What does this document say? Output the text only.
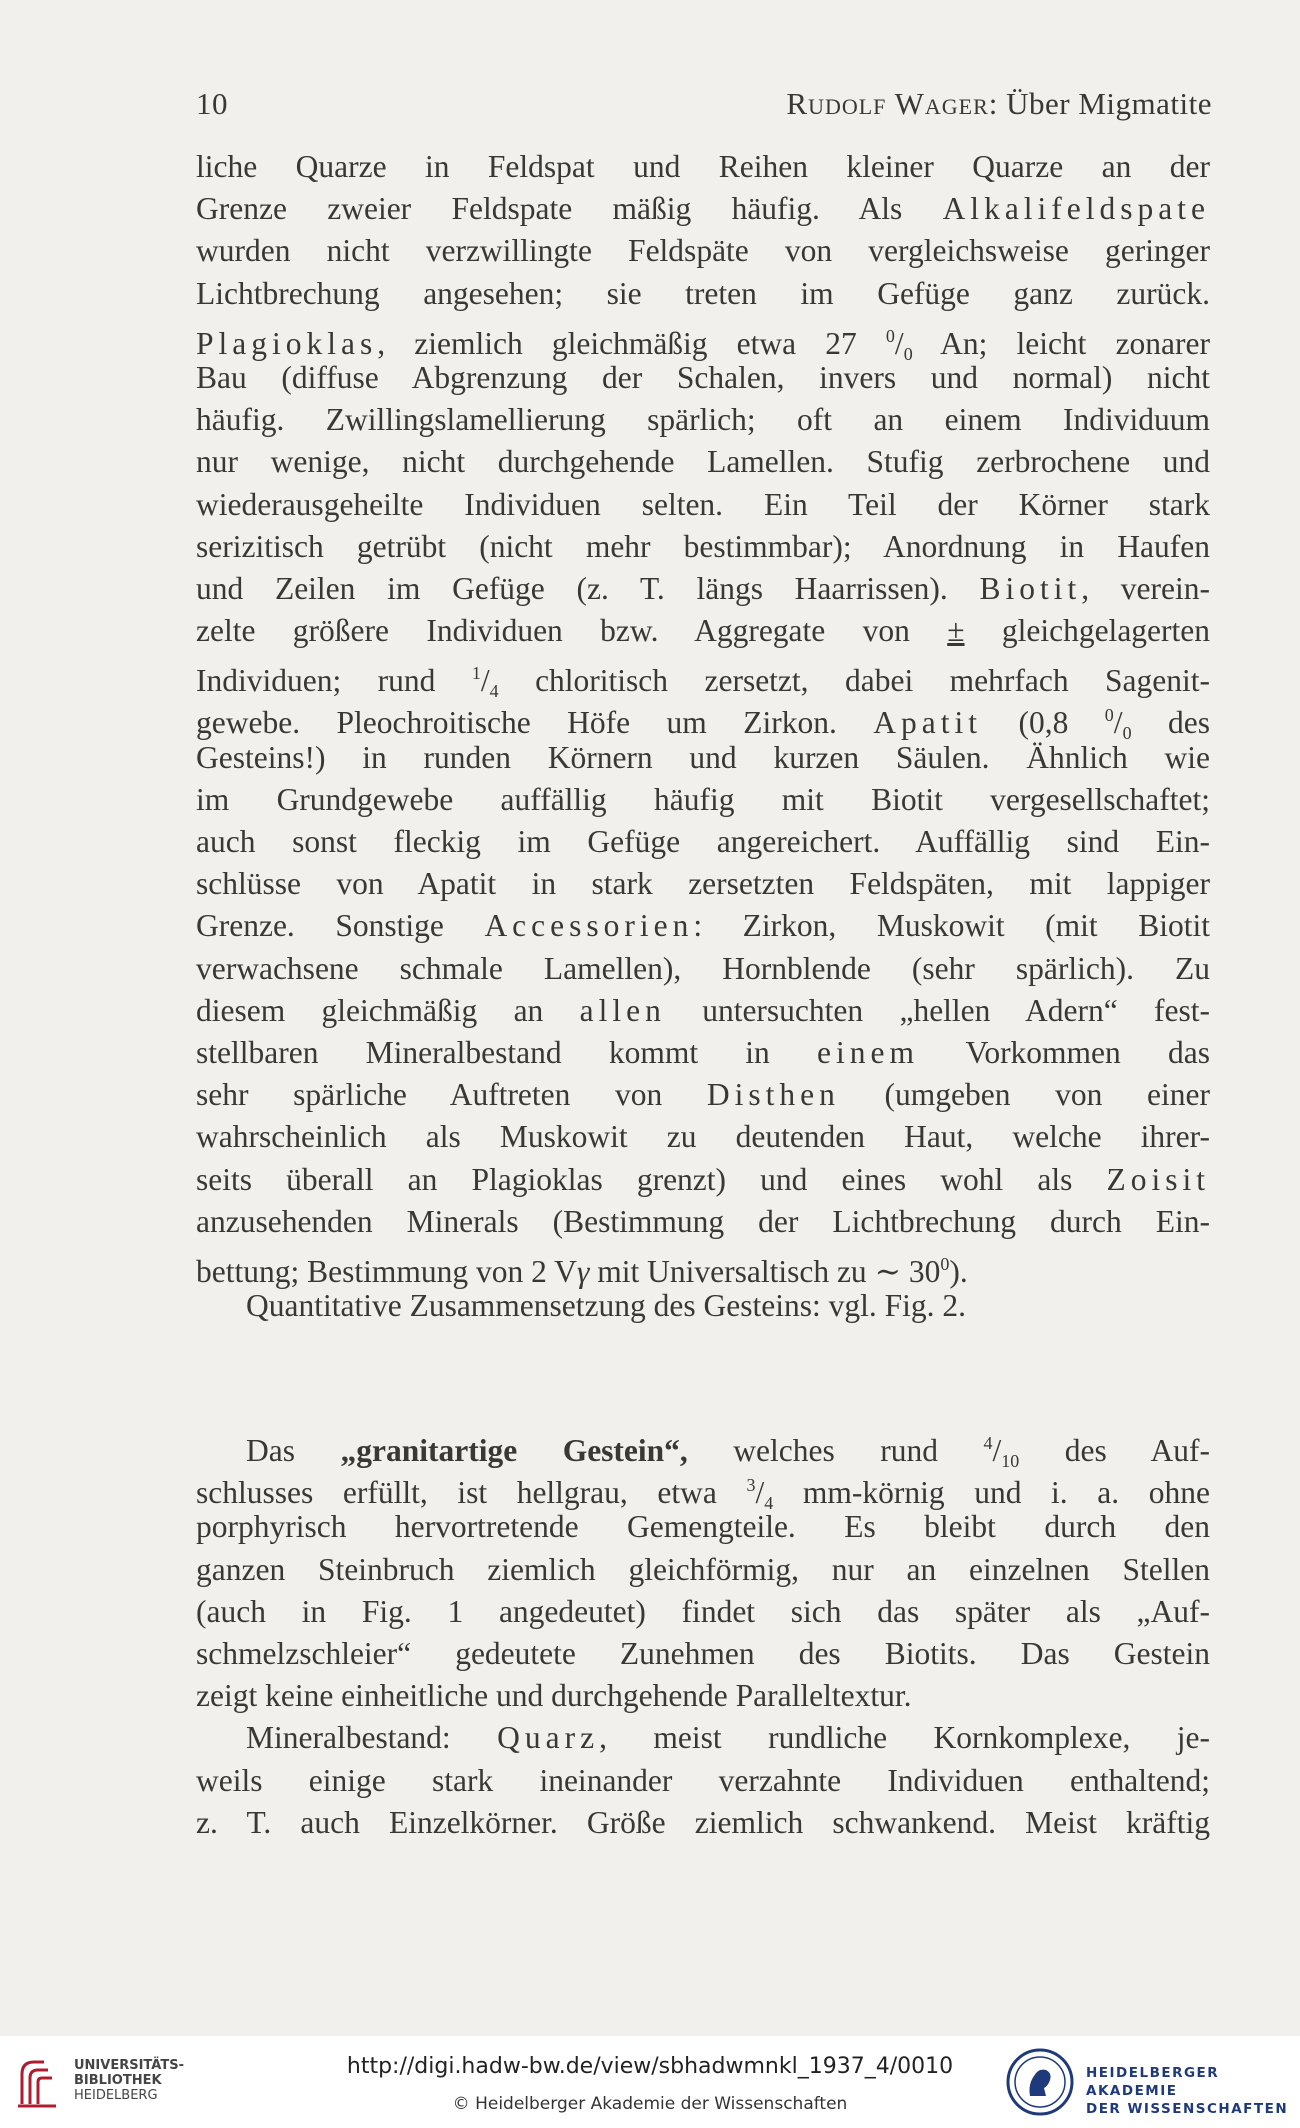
10	Rudolf Wager: Über Migmatite
liche Quarze in Feldspat und Reihen kleiner Quarze an der
Grenze zweier Feldspate mäßig häufig. Als Alkalifeldspate
wurden nicht verzwillingte Feldspäte von vergleichsweise geringer
Lichtbrechung angesehen; sie treten im Gefüge ganz zurück.
Plagioklas, ziemlich gleichmäßig etwa 27 $^0/_0$ An; leicht zonarer
Bau (diffuse Abgrenzung der Schalen, invers und normal) nicht
häufig. Zwillingslamellierung spärlich; oft an einem Individuum
nur wenige, nicht durchgehende Lamellen. Stufig zerbrochene und
wiederausgeheilte Individuen selten. Ein Teil der Körner stark
serizitisch getrübt (nicht mehr bestimmbar); Anordnung in Haufen
und Zeilen im Gefüge (z. T. längs Haarrissen). Biotit, verein-
zelte größere Individuen bzw. Aggregate von ± gleichgelagerten
Individuen; rund $^1/_4$ chloritisch zersetzt, dabei mehrfach Sagenit-
gewebe. Pleochroitische Höfe um Zirkon. Apatit (0,8 $^0/_0$ des
Gesteins!) in runden Körnern und kurzen Säulen. Ähnlich wie
im Grundgewebe auffällig häufig mit Biotit vergesellschaftet;
auch sonst fleckig im Gefüge angereichert. Auffällig sind Ein-
schlüsse von Apatit in stark zersetzten Feldspäten, mit lappiger
Grenze. Sonstige Accessorien: Zirkon, Muskowit (mit Biotit
verwachsene schmale Lamellen), Hornblende (sehr spärlich). Zu
diesem gleichmäßig an allen untersuchten „hellen Adern“ fest-
stellbaren Mineralbestand kommt in einem Vorkommen das
sehr spärliche Auftreten von Disthen (umgeben von einer
wahrscheinlich als Muskowit zu deutenden Haut, welche ihrer-
seits überall an Plagioklas grenzt) und eines wohl als Zoisit
anzusehenden Minerals (Bestimmung der Lichtbrechung durch Ein-
bettung; Bestimmung von 2 Vγ mit Universaltisch zu ∼ $30^0$).
Quantitative Zusammensetzung des Gesteins: vgl. Fig. 2.
Das „granitartige Gestein“, welches rund $^4/_{10}$ des Auf-
schlusses erfüllt, ist hellgrau, etwa $^3/_4$ mm-körnig und i. a. ohne
porphyrisch hervortretende Gemengteile. Es bleibt durch den
ganzen Steinbruch ziemlich gleichförmig, nur an einzelnen Stellen
(auch in Fig. 1 angedeutet) findet sich das später als „Auf-
schmelzschleier“ gedeutete Zunehmen des Biotits. Das Gestein
zeigt keine einheitliche und durchgehende Paralleltextur.
Mineralbestand: Quarz, meist rundliche Kornkomplexe, je-
weils einige stark ineinander verzahnte Individuen enthaltend;
z. T. auch Einzelkörner. Größe ziemlich schwankend. Meist kräftig
UNIVERSITÄTS-
BIBLIOTHEK
HEIDELBERG
http://digi.hadw-bw.de/view/sbhadwmnkl_1937_4/0010
© Heidelberger Akademie der Wissenschaften
HEIDELBERGER AKADEMIE
DER WISSENSCHAFTEN
